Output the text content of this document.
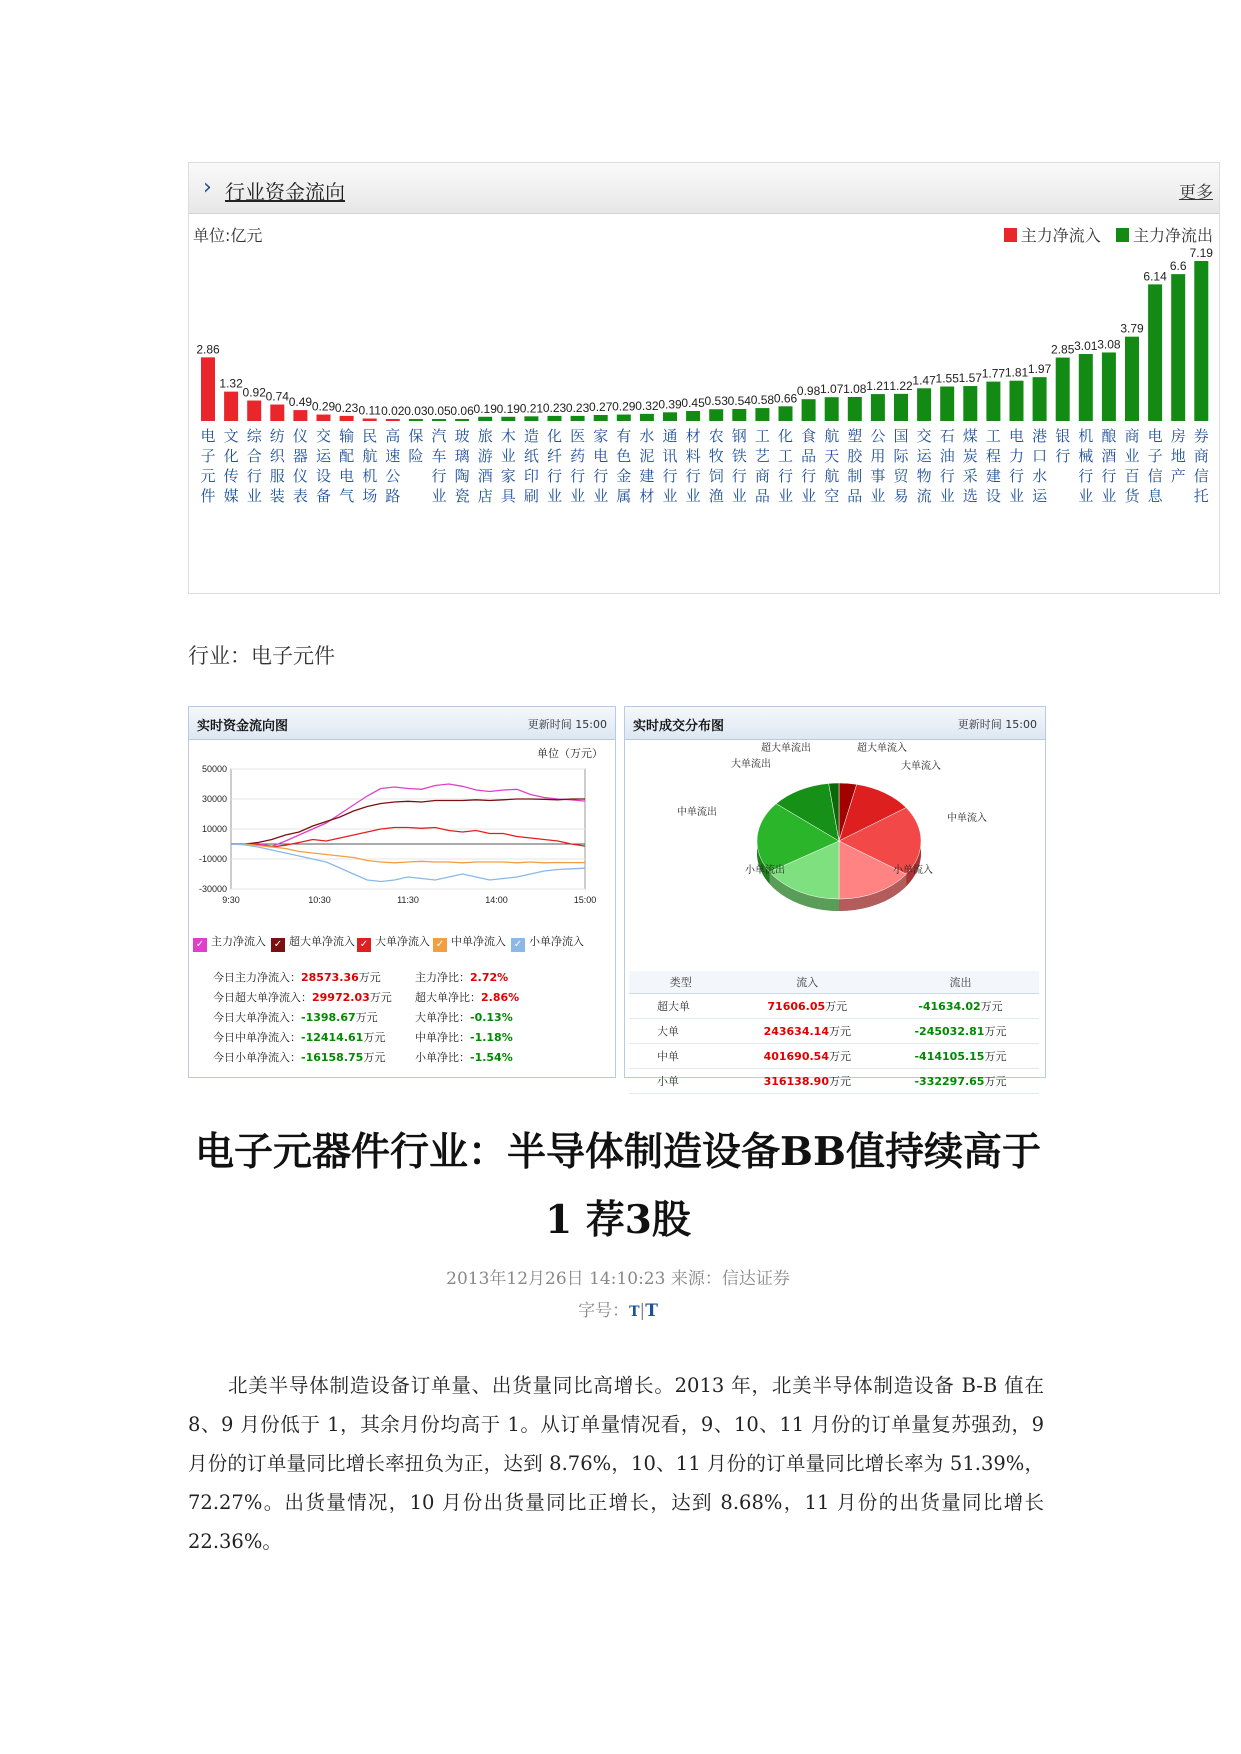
› 行业资金流向	更多
单位:亿元	主力净流入 主力净流出
2.86
电
子
元
件
1.32
文
化
传
媒
0.92
综
合
行
业
0.74
纺
织
服
装
0.49
仪
器
仪
表
0.29
交
运
设
备
0.23
输
配
电
气
0.11
民
航
机
场
0.02
高
速
公
路
0.03
保
险
0.05
汽
车
行
业
0.06
玻
璃
陶
瓷
0.19
旅
游
酒
店
0.19
木
业
家
具
0.21
造
纸
印
刷
0.23
化
纤
行
业
0.23
医
药
行
业
0.27
家
电
行
业
0.29
有
色
金
属
0.32
水
泥
建
材
0.39
通
讯
行
业
0.45
材
料
行
业
0.53
农
牧
饲
渔
0.54
钢
铁
行
业
0.58
工
艺
商
品
0.66
化
工
行
业
0.98
食
品
行
业
1.07
航
天
航
空
1.08
塑
胶
制
品
1.21
公
用
事
业
1.22
国
际
贸
易
1.47
交
运
物
流
1.55
石
油
行
业
1.57
煤
炭
采
选
1.77
工
程
建
设
1.81
电
力
行
业
1.97
港
口
水
运
2.85
银
行
3.01
机
械
行
业
3.08
酿
酒
行
业
3.79
商
业
百
货
6.14
电
子
信
息
6.6
房
地
产
7.19
券
商
信
托
行业：电子元件
实时资金流向图	更新时间 15:00
单位（万元）
50000
30000
10000
-10000
-30000
9:30	10:30	11:30	14:00	15:00
✓ 主力净流入 ✓ 超大单净流入 ✓ 大单净流入 ✓ 中单净流入 ✓ 小单净流入
今日主力净流入：28573.36万元
今日超大单净流入：29972.03万元
今日大单净流入：-1398.67万元
今日中单净流入：-12414.61万元
今日小单净流入：-16158.75万元
主力净比：2.72%
超大单净比：2.86%
大单净比：-0.13%
中单净比：-1.18%
小单净比：-1.54%
实时成交分布图	更新时间 15:00
超大单流入
大单流入
中单流入
小单流入
小单流出
中单流出
大单流出
超大单流出
类型	流入	流出
超大单	71606.05万元	-41634.02万元
大单	243634.14万元	-245032.81万元
中单	401690.54万元	-414105.15万元
小单	316138.90万元	-332297.65万元
电子元器件行业：半导体制造设备BB值持续高于
1 荐3股
2013年12月26日 14:10:23 来源：信达证券
字号：T|T
北美半导体制造设备订单量、出货量同比高增长。2013 年，北美半导体制造设备 B-B 值在 8、9 月份低于 1，其余月份均高于 1。从订单量情况看，9、10、11 月份的订单量复苏强劲，9 月份的订单量同比增长率扭负为正，达到 8.76%，10、11 月份的订单量同比增长率为 51.39%，72.27%。出货量情况，10 月份出货量同比正增长，达到 8.68%，11 月份的出货量同比增长 22.36%。
